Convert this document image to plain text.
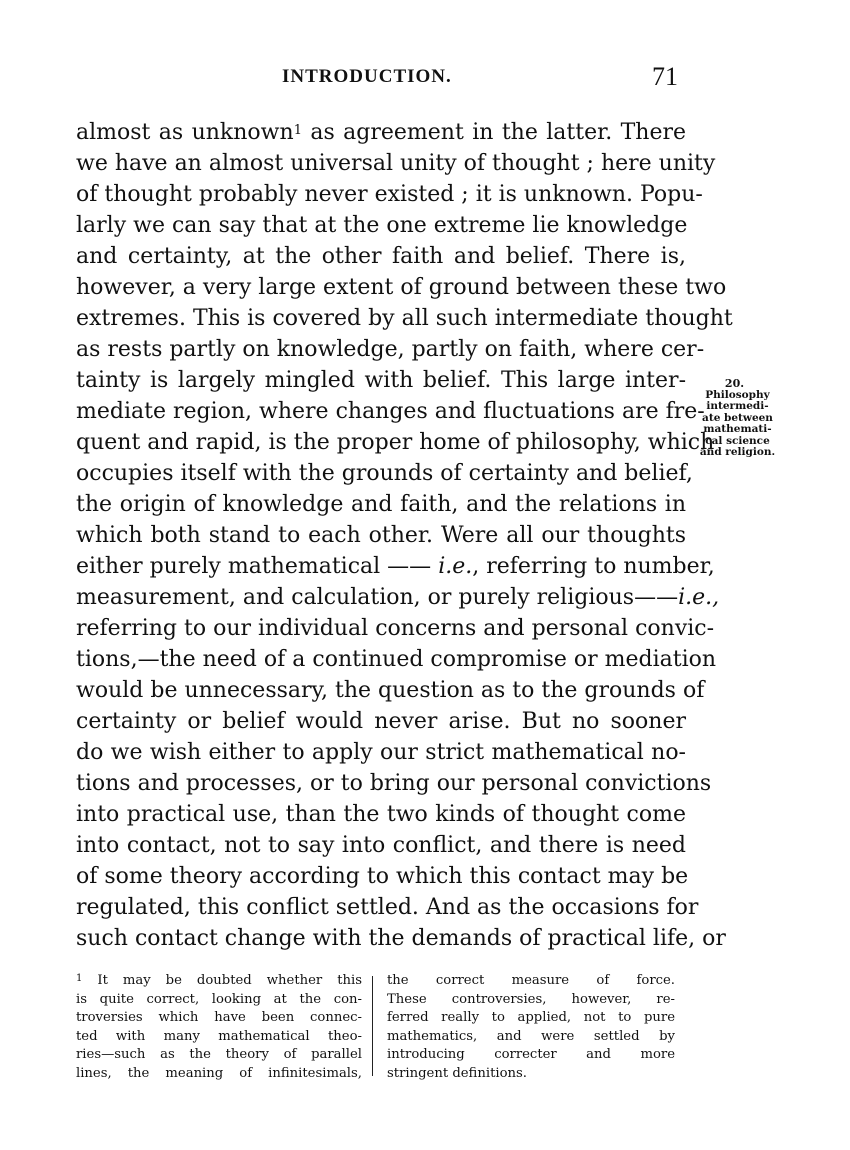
INTRODUCTION.	71
almost as unknown$^1$ as agreement in the latter. There
we have an almost universal unity of thought ; here unity
of thought probably never existed ; it is unknown. Popu-
larly we can say that at the one extreme lie knowledge
and certainty, at the other faith and belief. There is,
however, a very large extent of ground between these two
extremes. This is covered by all such intermediate thought
as rests partly on knowledge, partly on faith, where cer-
tainty is largely mingled with belief. This large inter-
mediate region, where changes and fluctuations are fre-
quent and rapid, is the proper home of philosophy, which
occupies itself with the grounds of certainty and belief,
the origin of knowledge and faith, and the relations in
which both stand to each other. Were all our thoughts
either purely mathematical —— i.e., referring to number,
measurement, and calculation, or purely religious——i.e.,
referring to our individual concerns and personal convic-
tions,—the need of a continued compromise or mediation
would be unnecessary, the question as to the grounds of
certainty or belief would never arise. But no sooner
do we wish either to apply our strict mathematical no-
tions and processes, or to bring our personal convictions
into practical use, than the two kinds of thought come
into contact, not to say into conflict, and there is need
of some theory according to which this contact may be
regulated, this conflict settled. And as the occasions for
such contact change with the demands of practical life, or
20.
Philosophy
intermedi-
ate between
mathemati-
cal science
and religion.
$^1$ It may be doubted whether this
is quite correct, looking at the con-
troversies which have been connec-
ted with many mathematical theo-
ries—such as the theory of parallel
lines, the meaning of infinitesimals,
the correct measure of force.
These controversies, however, re-
ferred really to applied, not to pure
mathematics, and were settled by
introducing correcter and more
stringent definitions.
